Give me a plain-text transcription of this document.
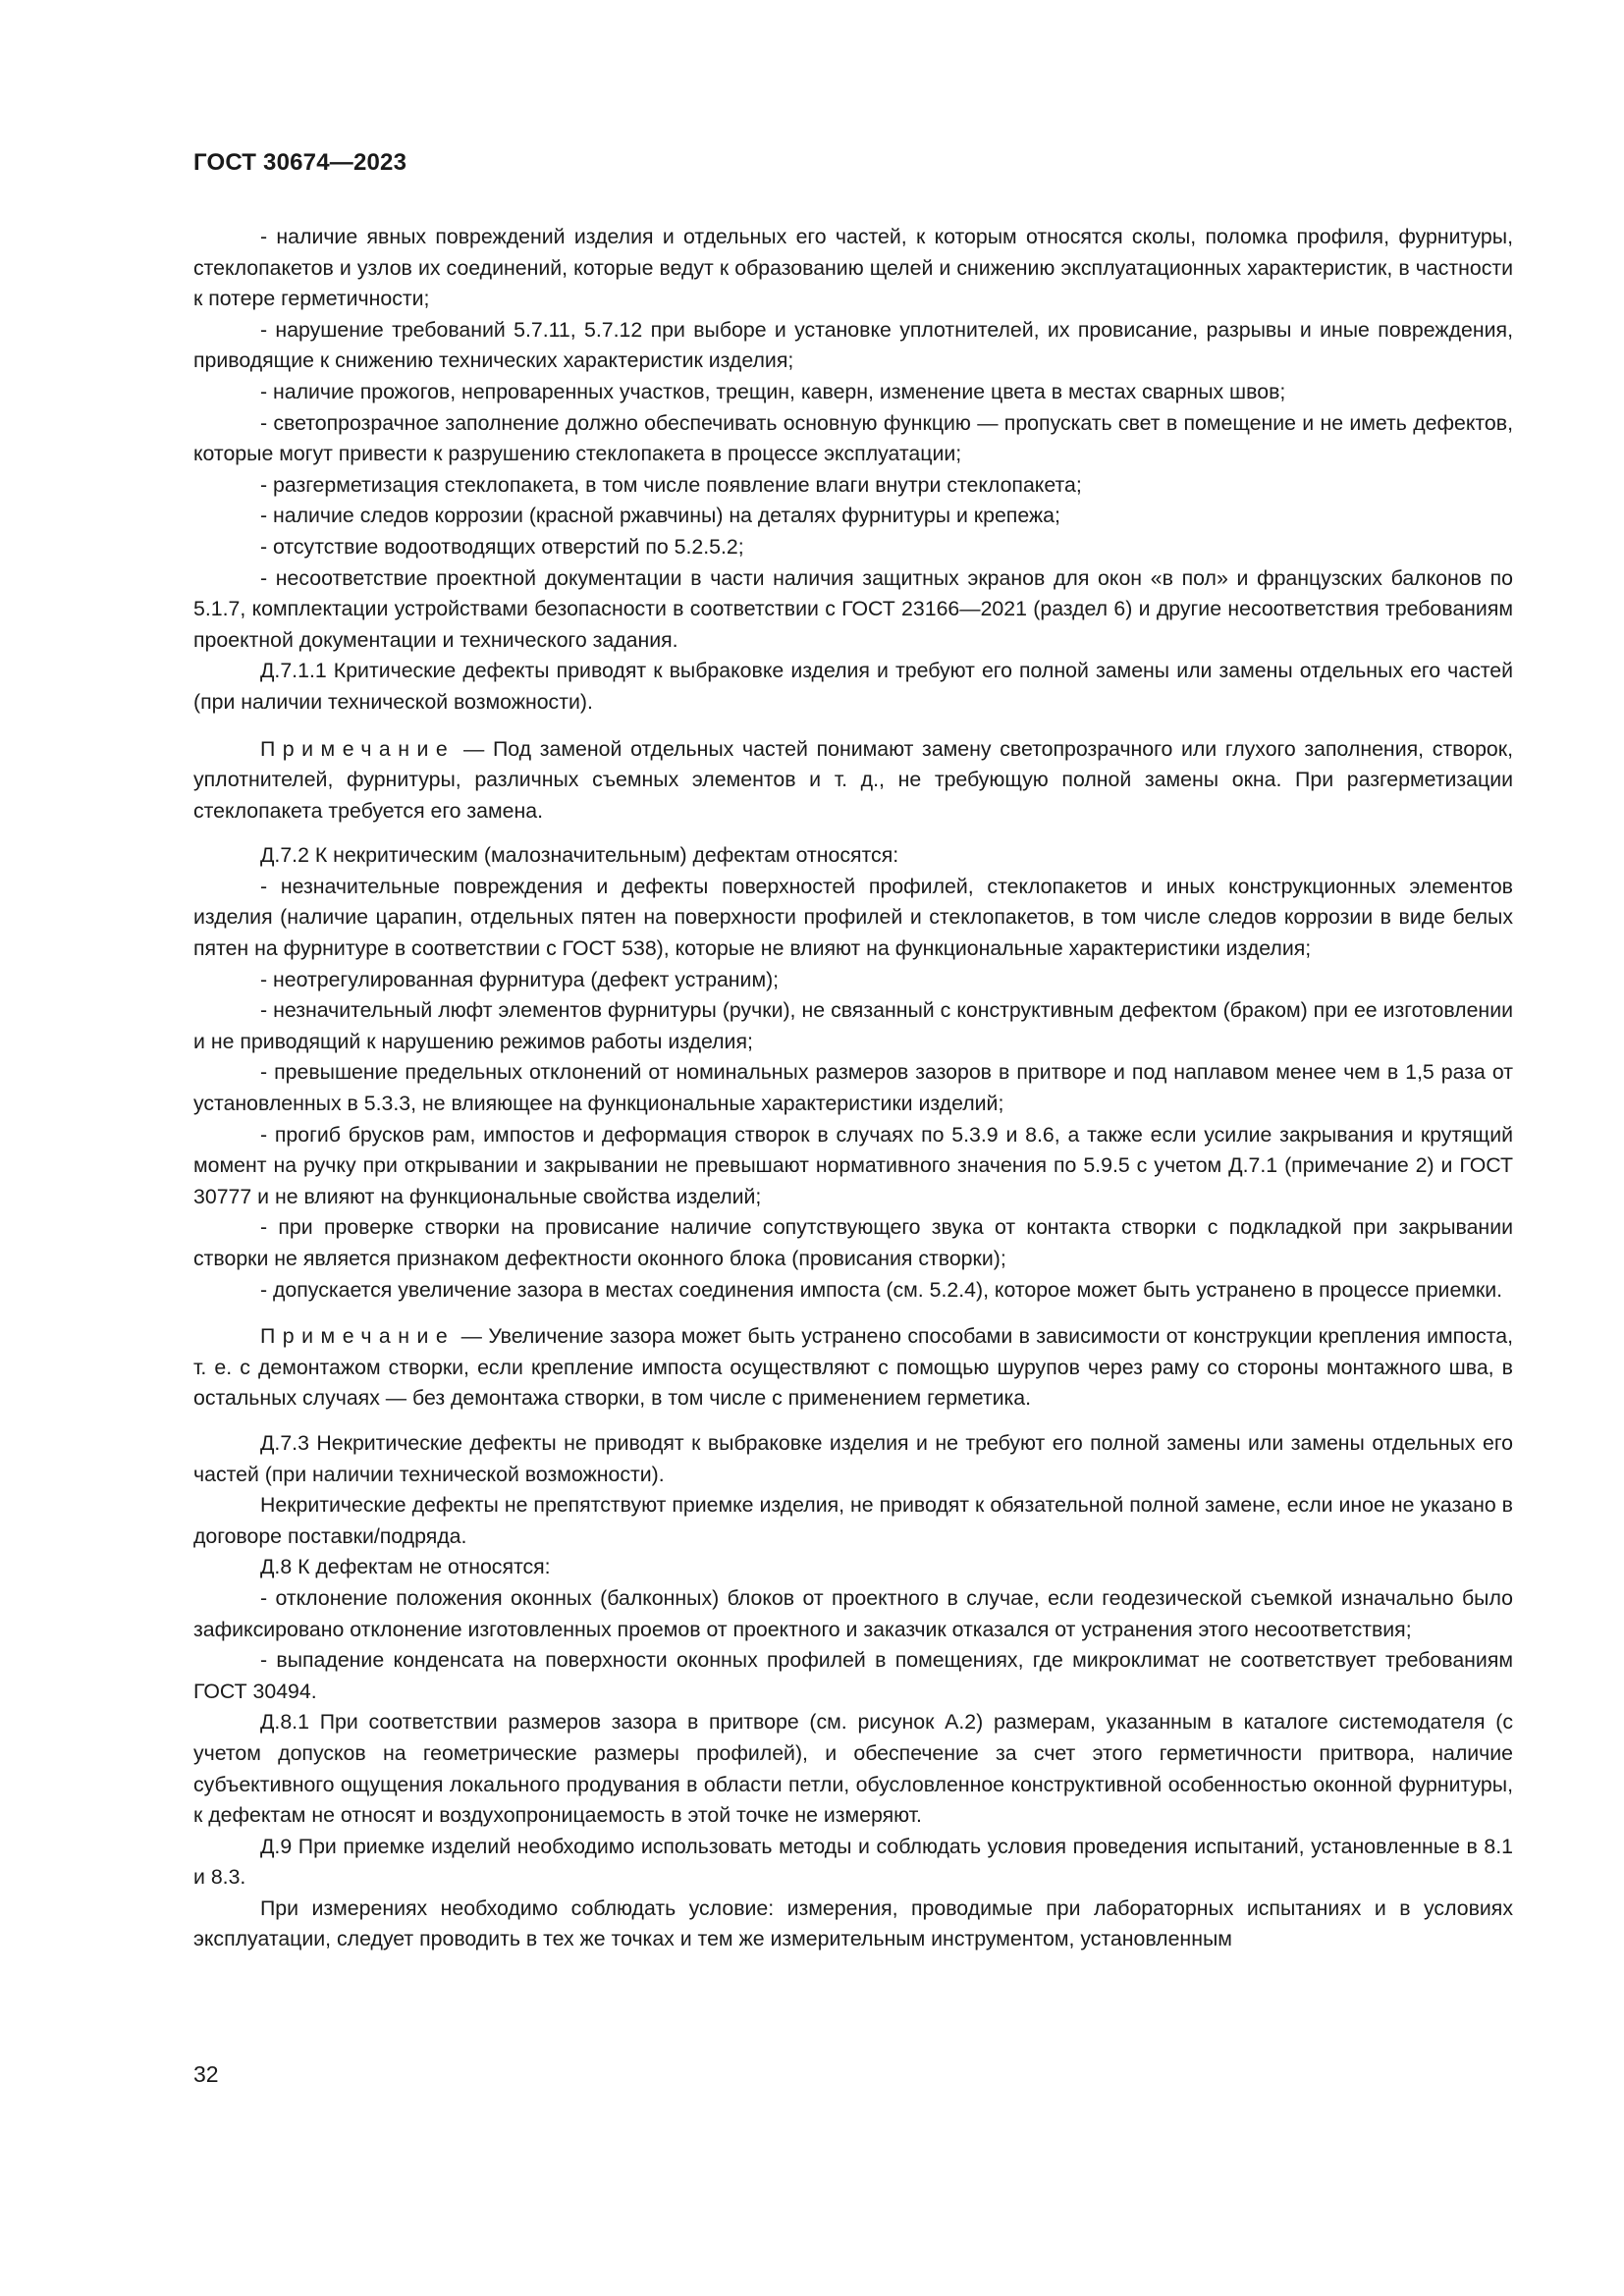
ГОСТ 30674—2023

- наличие явных повреждений изделия и отдельных его частей, к которым относятся сколы, поломка профиля, фурнитуры, стеклопакетов и узлов их соединений, которые ведут к образованию щелей и снижению эксплуатационных характеристик, в частности к потере герметичности;

- нарушение требований 5.7.11, 5.7.12 при выборе и установке уплотнителей, их провисание, разрывы и иные повреждения, приводящие к снижению технических характеристик изделия;

- наличие прожогов, непроваренных участков, трещин, каверн, изменение цвета в местах сварных швов;

- светопрозрачное заполнение должно обеспечивать основную функцию — пропускать свет в помещение и не иметь дефектов, которые могут привести к разрушению стеклопакета в процессе эксплуатации;

- разгерметизация стеклопакета, в том числе появление влаги внутри стеклопакета;

- наличие следов коррозии (красной ржавчины) на деталях фурнитуры и крепежа;

- отсутствие водоотводящих отверстий по 5.2.5.2;

- несоответствие проектной документации в части наличия защитных экранов для окон «в пол» и французских балконов по 5.1.7, комплектации устройствами безопасности в соответствии с ГОСТ 23166—2021 (раздел 6) и другие несоответствия требованиям проектной документации и технического задания.

Д.7.1.1 Критические дефекты приводят к выбраковке изделия и требуют его полной замены или замены отдельных его частей (при наличии технической возможности).

Примечание — Под заменой отдельных частей понимают замену светопрозрачного или глухого заполнения, створок, уплотнителей, фурнитуры, различных съемных элементов и т. д., не требующую полной замены окна. При разгерметизации стеклопакета требуется его замена.

Д.7.2 К некритическим (малозначительным) дефектам относятся:

- незначительные повреждения и дефекты поверхностей профилей, стеклопакетов и иных конструкционных элементов изделия (наличие царапин, отдельных пятен на поверхности профилей и стеклопакетов, в том числе следов коррозии в виде белых пятен на фурнитуре в соответствии с ГОСТ 538), которые не влияют на функциональные характеристики изделия;

- неотрегулированная фурнитура (дефект устраним);

- незначительный люфт элементов фурнитуры (ручки), не связанный с конструктивным дефектом (браком) при ее изготовлении и не приводящий к нарушению режимов работы изделия;

- превышение предельных отклонений от номинальных размеров зазоров в притворе и под наплавом менее чем в 1,5 раза от установленных в 5.3.3, не влияющее на функциональные характеристики изделий;

- прогиб брусков рам, импостов и деформация створок в случаях по 5.3.9 и 8.6, а также если усилие закрывания и крутящий момент на ручку при открывании и закрывании не превышают нормативного значения по 5.9.5 с учетом Д.7.1 (примечание 2) и ГОСТ 30777 и не влияют на функциональные свойства изделий;

- при проверке створки на провисание наличие сопутствующего звука от контакта створки с подкладкой при закрывании створки не является признаком дефектности оконного блока (провисания створки);

- допускается увеличение зазора в местах соединения импоста (см. 5.2.4), которое может быть устранено в процессе приемки.

Примечание — Увеличение зазора может быть устранено способами в зависимости от конструкции крепления импоста, т. е. с демонтажом створки, если крепление импоста осуществляют с помощью шурупов через раму со стороны монтажного шва, в остальных случаях — без демонтажа створки, в том числе с применением герметика.

Д.7.3 Некритические дефекты не приводят к выбраковке изделия и не требуют его полной замены или замены отдельных его частей (при наличии технической возможности).

Некритические дефекты не препятствуют приемке изделия, не приводят к обязательной полной замене, если иное не указано в договоре поставки/подряда.

Д.8 К дефектам не относятся:

- отклонение положения оконных (балконных) блоков от проектного в случае, если геодезической съемкой изначально было зафиксировано отклонение изготовленных проемов от проектного и заказчик отказался от устранения этого несоответствия;

- выпадение конденсата на поверхности оконных профилей в помещениях, где микроклимат не соответствует требованиям ГОСТ 30494.

Д.8.1 При соответствии размеров зазора в притворе (см. рисунок А.2) размерам, указанным в каталоге системодателя (с учетом допусков на геометрические размеры профилей), и обеспечение за счет этого герметичности притвора, наличие субъективного ощущения локального продувания в области петли, обусловленное конструктивной особенностью оконной фурнитуры, к дефектам не относят и воздухопроницаемость в этой точке не измеряют.

Д.9 При приемке изделий необходимо использовать методы и соблюдать условия проведения испытаний, установленные в 8.1 и 8.3.

При измерениях необходимо соблюдать условие: измерения, проводимые при лабораторных испытаниях и в условиях эксплуатации, следует проводить в тех же точках и тем же измерительным инструментом, установленным

32
